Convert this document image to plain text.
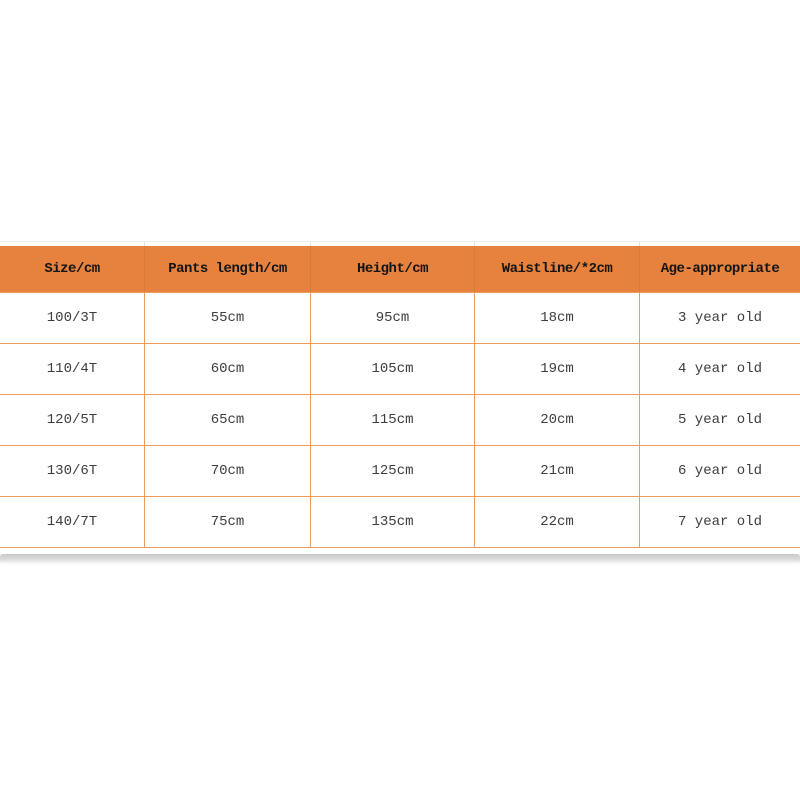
Size/cm	Pants length/cm	Height/cm	Waistline/*2cm	Age-appropriate
100/3T	55cm	95cm	18cm	3 year old
110/4T	60cm	105cm	19cm	4 year old
120/5T	65cm	115cm	20cm	5 year old
130/6T	70cm	125cm	21cm	6 year old
140/7T	75cm	135cm	22cm	7 year old
